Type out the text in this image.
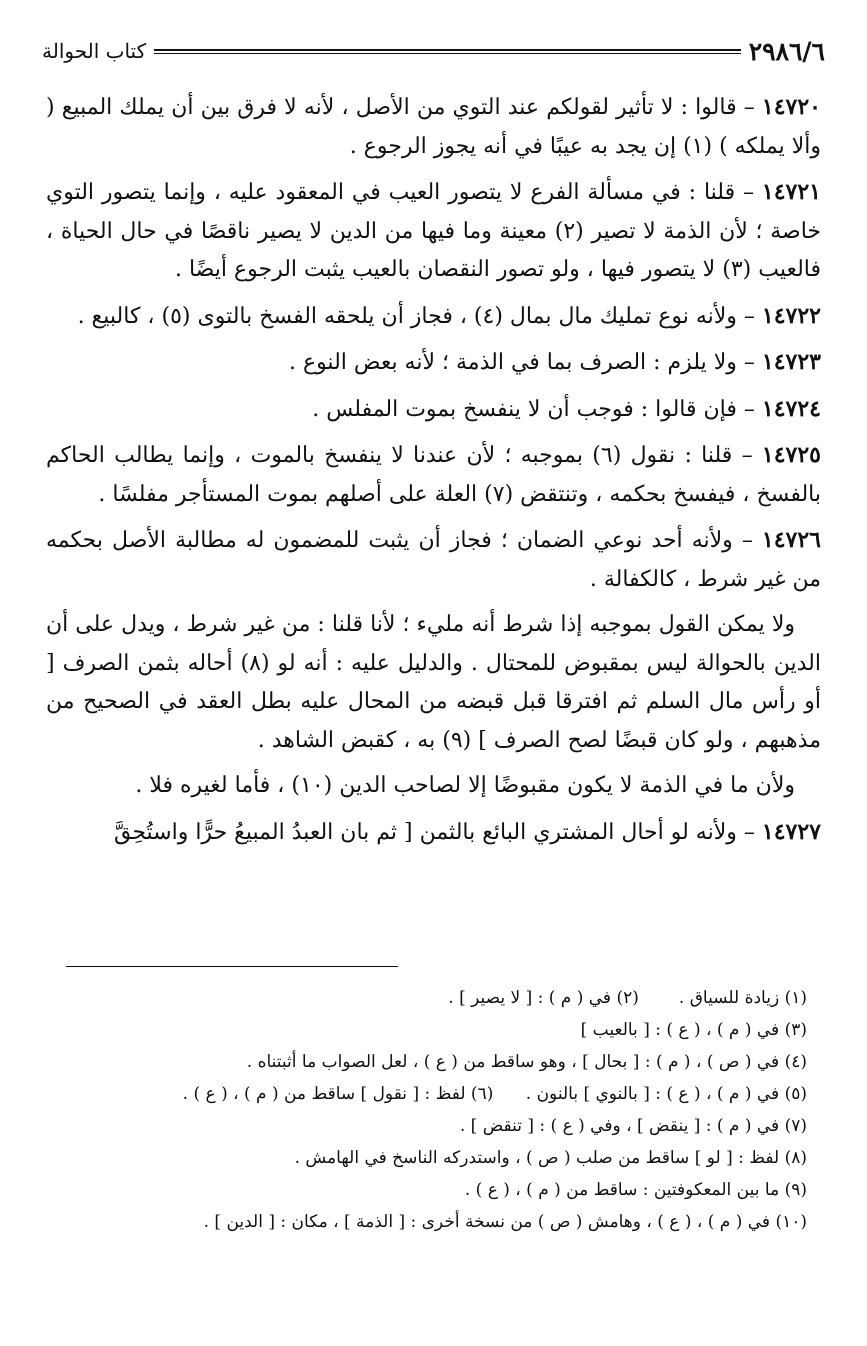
٢٩٨٦/٦
كتاب الحوالة

١٤٧٢٠ – قالوا : لا تأثير لقولكم عند التوي من الأصل ، لأنه لا فرق بين أن يملك المبيع ( وألا يملكه ) (١) إن يجد به عيبًا في أنه يجوز الرجوع .

١٤٧٢١ – قلنا : في مسألة الفرع لا يتصور العيب في المعقود عليه ، وإنما يتصور التوي خاصة ؛ لأن الذمة لا تصير (٢) معينة وما فيها من الدين لا يصير ناقصًا في حال الحياة ، فالعيب (٣) لا يتصور فيها ، ولو تصور النقصان بالعيب يثبت الرجوع أيضًا .

١٤٧٢٢ – ولأنه نوع تمليك مال بمال (٤) ، فجاز أن يلحقه الفسخ بالتوى (٥) ، كالبيع .

١٤٧٢٣ – ولا يلزم : الصرف بما في الذمة ؛ لأنه بعض النوع .

١٤٧٢٤ – فإن قالوا : فوجب أن لا ينفسخ بموت المفلس .

١٤٧٢٥ – قلنا : نقول (٦) بموجبه ؛ لأن عندنا لا ينفسخ بالموت ، وإنما يطالب الحاكم بالفسخ ، فيفسخ بحكمه ، وتنتقض (٧) العلة على أصلهم بموت المستأجر مفلسًا .

١٤٧٢٦ – ولأنه أحد نوعي الضمان ؛ فجاز أن يثبت للمضمون له مطالبة الأصل بحكمه من غير شرط ، كالكفالة .

ولا يمكن القول بموجبه إذا شرط أنه مليء ؛ لأنا قلنا : من غير شرط ، ويدل على أن الدين بالحوالة ليس بمقبوض للمحتال . والدليل عليه : أنه لو (٨) أحاله بثمن الصرف [ أو رأس مال السلم ثم افترقا قبل قبضه من المحال عليه بطل العقد في الصحيح من مذهبهم ، ولو كان قبضًا لصح الصرف ] (٩) به ، كقبض الشاهد .

ولأن ما في الذمة لا يكون مقبوضًا إلا لصاحب الدين (١٠) ، فأما لغيره فلا .

١٤٧٢٧ – ولأنه لو أحال المشتري البائع بالثمن [ ثم بان العبدُ المبيعُ حرًّا واستُحِقَّ

(١) زيادة للسياق .
(٢) في ( م ) : [ لا يصير ] .
(٣) في ( م ) ، ( ع ) : [ بالعيب ]
(٤) في ( ص ) ، ( م ) : [ بحال ] ، وهو ساقط من ( ع ) ، لعل الصواب ما أثبتناه .
(٥) في ( م ) ، ( ع ) : [ بالنوي ] بالنون .      (٦) لفظ : [ نقول ] ساقط من ( م ) ، ( ع ) .
(٧) في ( م ) : [ ينقض ] ، وفي ( ع ) : [ تنقض ] .
(٨) لفظ : [ لو ] ساقط من صلب ( ص ) ، واستدركه الناسخ في الهامش .
(٩) ما بين المعكوفتين : ساقط من ( م ) ، ( ع ) .
(١٠) في ( م ) ، ( ع ) ، وهامش ( ص ) من نسخة أخرى : [ الذمة ] ، مكان : [ الدين ] .
